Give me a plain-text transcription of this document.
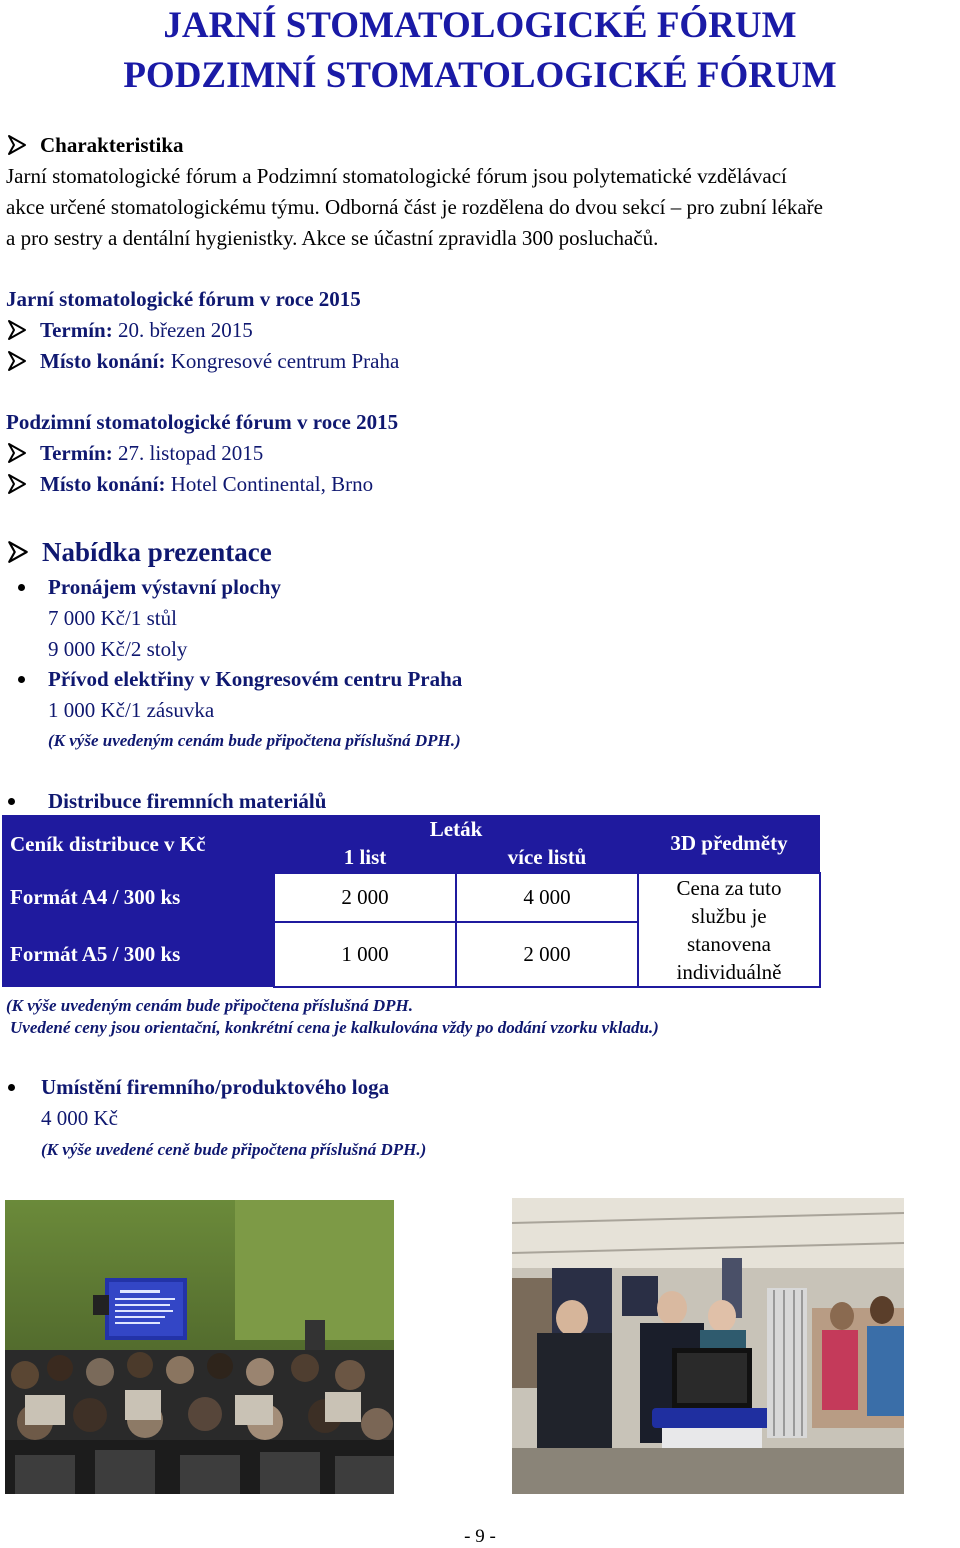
JARNÍ STOMATOLOGICKÉ FÓRUM
PODZIMNÍ STOMATOLOGICKÉ FÓRUM
Charakteristika
Jarní stomatologické fórum a Podzimní stomatologické fórum jsou polytematické vzdělávací
akce určené stomatologickému týmu. Odborná část je rozdělena do dvou sekcí – pro zubní lékaře
a pro sestry a dentální hygienistky. Akce se účastní zpravidla 300 posluchačů.
Jarní stomatologické fórum v roce 2015
Termín: 20. březen 2015
Místo konání: Kongresové centrum Praha
Podzimní stomatologické fórum v roce 2015
Termín: 27. listopad 2015
Místo konání: Hotel Continental, Brno
Nabídka prezentace
Pronájem výstavní plochy
7 000 Kč/1 stůl
9 000 Kč/2 stoly
Přívod elektřiny v Kongresovém centru Praha
1 000 Kč/1 zásuvka
(K výše uvedeným cenám bude připočtena příslušná DPH.)
Distribuce firemních materiálů
Ceník distribuce v Kč	Leták		3D předměty
	1 list	více listů	
Formát A4 / 300 ks	2 000	4 000	Cena za tuto
službu je
stanovena
individuálně

Formát A5 / 300 ks	1 000	2 000	
(K výše uvedeným cenám bude připočtena příslušná DPH.
Uvedené ceny jsou orientační, konkrétní cena je kalkulována vždy po dodání vzorku vkladu.)
Umístění firemního/produktového loga
4 000 Kč
(K výše uvedené ceně bude připočtena příslušná DPH.)
- 9 -
